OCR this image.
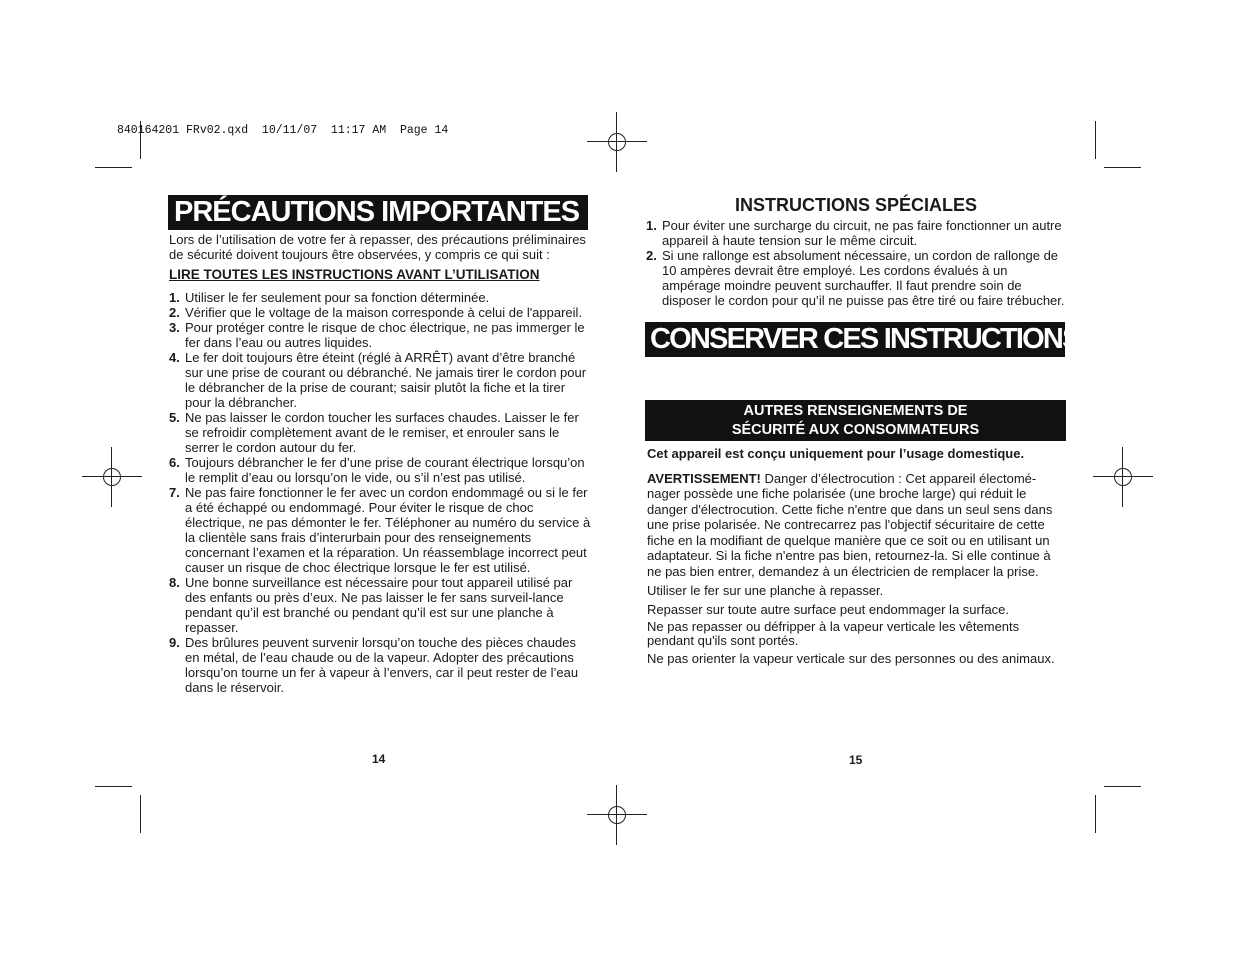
840164201 FRv02.qxd  10/11/07  11:17 AM  Page 14
PRÉCAUTIONS IMPORTANTES

Lors de l’utilisation de votre fer à repasser, des précautions préliminaires de sécurité doivent toujours être observées, y compris ce qui suit :

LIRE TOUTES LES INSTRUCTIONS AVANT L’UTILISATION

1. Utiliser le fer seulement pour sa fonction déterminée.
2. Vérifier que le voltage de la maison corresponde à celui de l'appareil.
3. Pour protéger contre le risque de choc électrique, ne pas immerger le fer dans l’eau ou autres liquides.
4. Le fer doit toujours être éteint (réglé à ARRÊT) avant d’être branché sur une prise de courant ou débranché. Ne jamais tirer le cordon pour le débrancher de la prise de courant; saisir plutôt la fiche et la tirer pour la débrancher.
5. Ne pas laisser le cordon toucher les surfaces chaudes. Laisser le fer se refroidir complètement avant de le remiser, et enrouler sans le serrer le cordon autour du fer.
6. Toujours débrancher le fer d’une prise de courant électrique lorsqu’on le remplit d’eau ou lorsqu’on le vide, ou s’il n’est pas utilisé.
7. Ne pas faire fonctionner le fer avec un cordon endommagé ou si le fer a été échappé ou endommagé. Pour éviter le risque de choc électrique, ne pas démonter le fer. Téléphoner au numéro du service à la clientèle sans frais d’interurbain pour des renseignements concernant l’examen et la réparation. Un réassemblage incorrect peut causer un risque de choc électrique lorsque le fer est utilisé.
8. Une bonne surveillance est nécessaire pour tout appareil utilisé par des enfants ou près d’eux. Ne pas laisser le fer sans surveil-lance pendant qu’il est branché ou pendant qu’il est sur une planche à repasser.
9. Des brûlures peuvent survenir lorsqu’on touche des pièces chaudes en métal, de l’eau chaude ou de la vapeur. Adopter des précautions lorsqu’on tourne un fer à vapeur à l’envers, car il peut rester de l’eau dans le réservoir.
14

INSTRUCTIONS SPÉCIALES

1. Pour éviter une surcharge du circuit, ne pas faire fonctionner un autre appareil à haute tension sur le même circuit.
2. Si une rallonge est absolument nécessaire, un cordon de rallonge de 10 ampères devrait être employé. Les cordons évalués à un ampérage moindre peuvent surchauffer. Il faut prendre soin de disposer le cordon pour qu’il ne puisse pas être tiré ou faire trébucher.
CONSERVER CES INSTRUCTIONS!
AUTRES RENSEIGNEMENTS DE
SÉCURITÉ AUX CONSOMMATEURS

Cet appareil est conçu uniquement pour l’usage domestique.

AVERTISSEMENT! Danger d’électrocution : Cet appareil électomé-nager possède une fiche polarisée (une broche large) qui réduit le danger d'électrocution. Cette fiche n'entre que dans un seul sens dans une prise polarisée. Ne contrecarrez pas l'objectif sécuritaire de cette fiche en la modifiant de quelque manière que ce soit ou en utilisant un adaptateur. Si la fiche n'entre pas bien, retournez-la. Si elle continue à ne pas bien entrer, demandez à un électricien de remplacer la prise.

Utiliser le fer sur une planche à repasser.

Repasser sur toute autre surface peut endommager la surface.

Ne pas repasser ou défripper à la vapeur verticale les vêtements pendant qu'ils sont portés.

Ne pas orienter la vapeur verticale sur des personnes ou des animaux.

15
